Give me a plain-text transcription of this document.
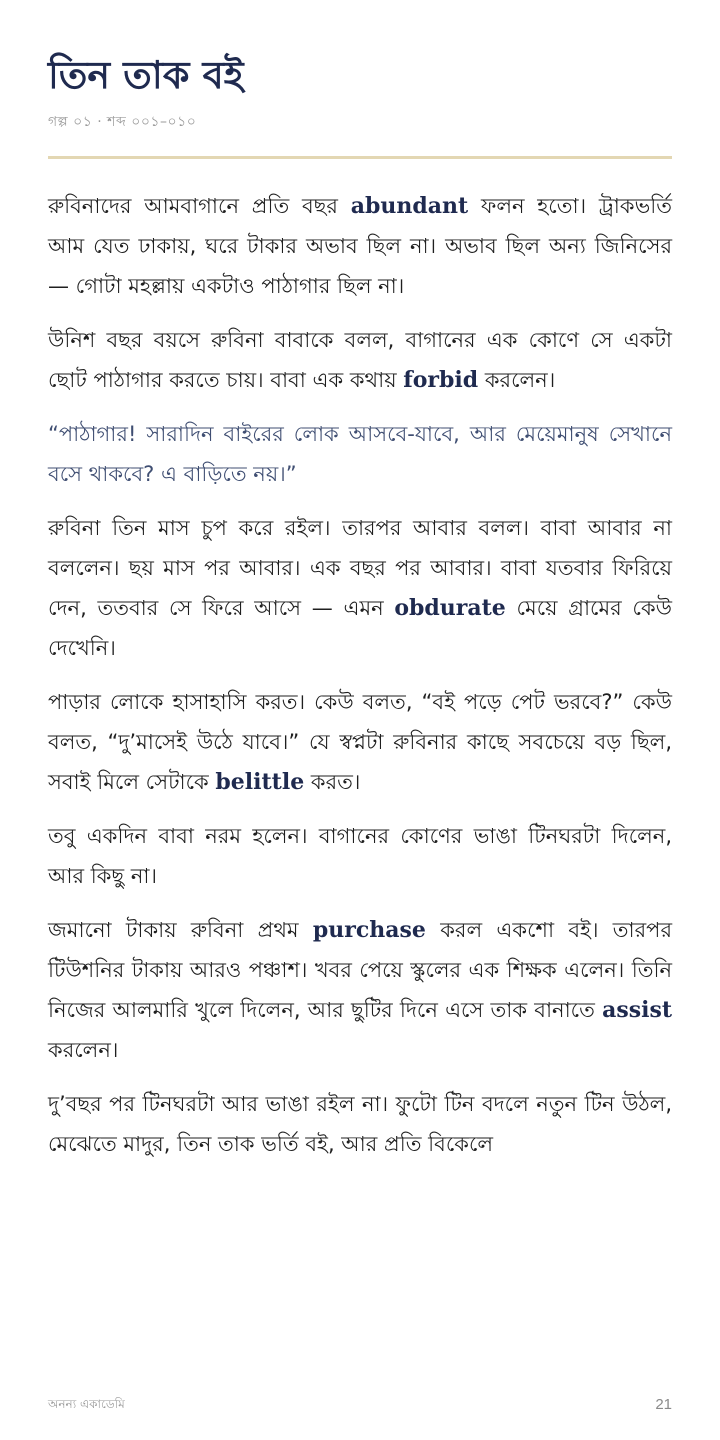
তিন তাক বই
গল্প ০১ · শব্দ ০০১–০১০

রুবিনাদের আমবাগানে প্রতি বছর abundant ফলন হতো। ট্রাকভর্তি আম যেত ঢাকায়, ঘরে টাকার অভাব ছিল না। অভাব ছিল অন্য জিনিসের — গোটা মহল্লায় একটাও পাঠাগার ছিল না।

উনিশ বছর বয়সে রুবিনা বাবাকে বলল, বাগানের এক কোণে সে একটা ছোট পাঠাগার করতে চায়। বাবা এক কথায় forbid করলেন।

“পাঠাগার! সারাদিন বাইরের লোক আসবে-যাবে, আর মেয়েমানুষ সেখানে বসে থাকবে? এ বাড়িতে নয়।”

রুবিনা তিন মাস চুপ করে রইল। তারপর আবার বলল। বাবা আবার না বললেন। ছয় মাস পর আবার। এক বছর পর আবার। বাবা যতবার ফিরিয়ে দেন, ততবার সে ফিরে আসে — এমন obdurate মেয়ে গ্রামের কেউ দেখেনি।

পাড়ার লোকে হাসাহাসি করত। কেউ বলত, “বই পড়ে পেট ভরবে?” কেউ বলত, “দু’মাসেই উঠে যাবে।” যে স্বপ্নটা রুবিনার কাছে সবচেয়ে বড় ছিল, সবাই মিলে সেটাকে belittle করত।

তবু একদিন বাবা নরম হলেন। বাগানের কোণের ভাঙা টিনঘরটা দিলেন, আর কিছু না।

জমানো টাকায় রুবিনা প্রথম purchase করল একশো বই। তারপর টিউশনির টাকায় আরও পঞ্চাশ। খবর পেয়ে স্কুলের এক শিক্ষক এলেন। তিনি নিজের আলমারি খুলে দিলেন, আর ছুটির দিনে এসে তাক বানাতে assist করলেন।

দু’বছর পর টিনঘরটা আর ভাঙা রইল না। ফুটো টিন বদলে নতুন টিন উঠল, মেঝেতে মাদুর, তিন তাক ভর্তি বই, আর প্রতি বিকেলে

অনন্য একাডেমি	21
